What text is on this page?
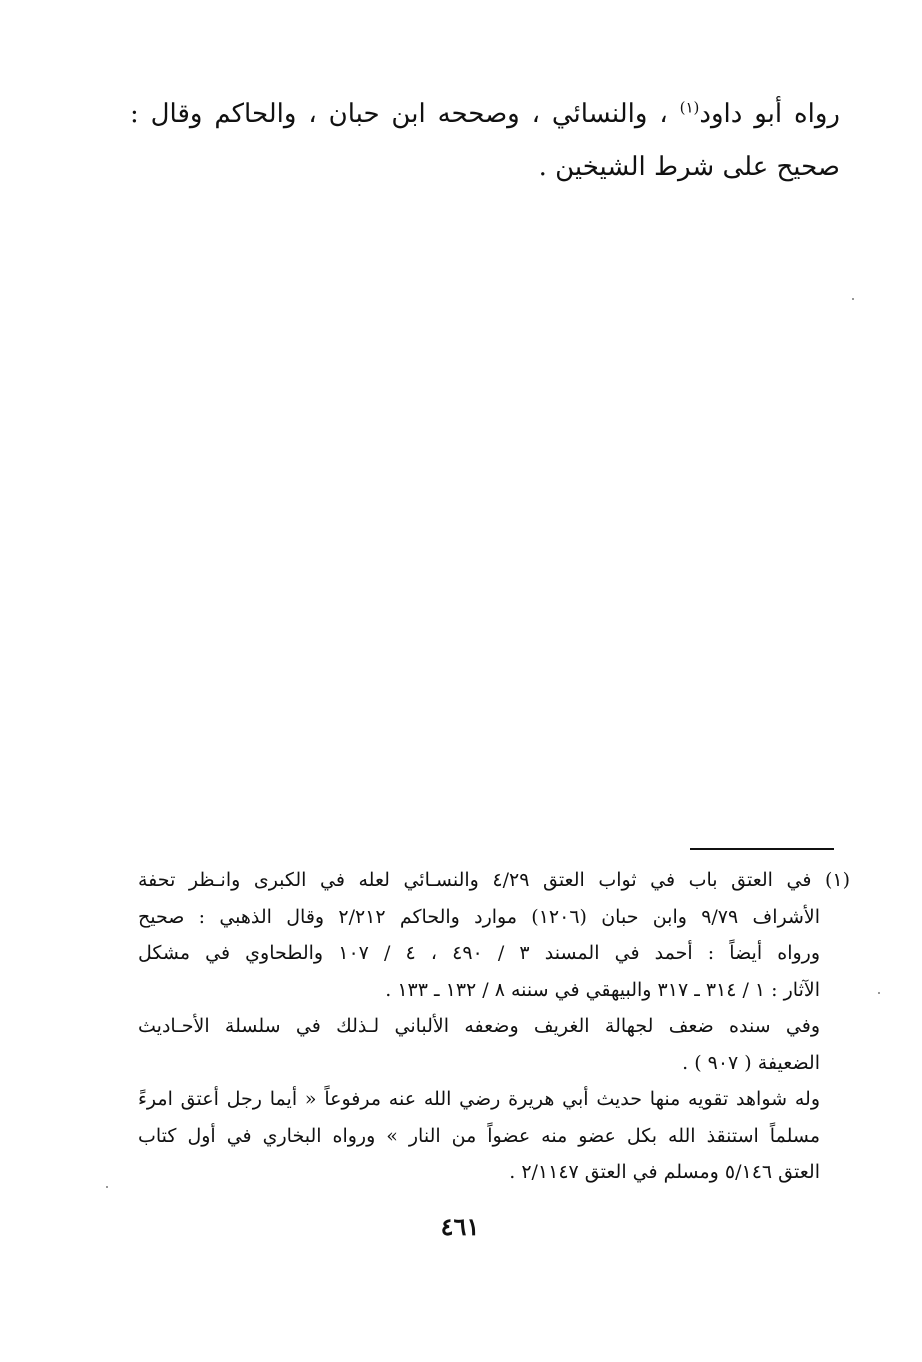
رواه أبو داود$^{(١)}$ ، والنسائي ، وصححه ابن حبان ، والحاكم وقال :
صحيح على شرط الشيخين .
(١) في العتق باب في ثواب العتق ٤/٢٩ والنسـائي لعله في الكبرى وانـظر تحفة
الأشراف ٩/٧٩ وابن حبان (١٢٠٦) موارد والحاكم ٢/٢١٢ وقال الذهبي : صحيح
ورواه أيضاً : أحمد في المسند ٣ / ٤٩٠ ، ٤ / ١٠٧ والطحاوي في مشكل
الآثار : ١ / ٣١٤ ـ ٣١٧ والبيهقي في سننه ٨ / ١٣٢ ـ ١٣٣ .
وفي سنده ضعف لجهالة الغريف وضعفه الألباني لـذلك في سلسلة الأحـاديث
الضعيفة ( ٩٠٧ ) .
وله شواهد تقويه منها حديث أبي هريرة رضي الله عنه مرفوعاً « أيما رجل أعتق امرءً
مسلماً استنقذ الله بكل عضو منه عضواً من النار » ورواه البخاري في أول كتاب
العتق ٥/١٤٦ ومسلم في العتق ٢/١١٤٧ .
٤٦١
